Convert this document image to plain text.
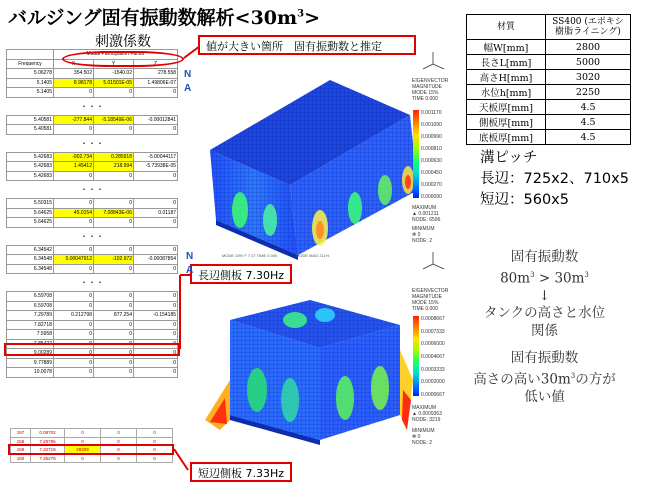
バルジング固有振動数解析$<30m^3>$
刺激係数
	Modal Participation Factor		
Frequency	X	Y	Z
5.06278	354.502	-1540.02	278.558
5.1405	8.98178	5.01501E-05	1.49806E-07
5.1405	0	0	0
・・・			
5.40581	-277.844	-5.18549E-06	-0.00012841
5.40581	0	0	0
・・・			
5.42683	-902.734	0.285918	-5.00044117
5.42683	1.45412	218.994	-5.73938E-05
5.42683	0	0	0
・・・			
5.50315	0	0	0
5.64625	45.0154	7.08843E-06	0.01187
5.64625	0	0	0
・・・			
6.34542	0	0	0
6.34548	0.00047912	-102.972	-0.00087854
6.34548	0	0	0
・・・			
6.59708	0	0	0
6.59708	0	0	0
7.29789	0.212798	877.254	-0.154185
7.82718	0	0	0
7.5958	0	0	0
7.85427	0	0	0
9.00289	0	0	0
9.77889	0	0	0
10.0078	0	0	0
157	0.08702	0	0	0
158	7.29785	0	0	0
159	7.32718	29309	0	0
160	7.35279	0	0	0
値が大きい箇所　固有振動数と推定
長辺側板 7.30Hz
短辺側板 7.33Hz
N
A
EIGENVECTOR
MAGNITUDE
MODE 15%
TIME 0.000
0.001170
0.001090
0.000990
0.000810
0.000630
0.000450
0.000270
0.000090
MAXIMUM
▲ 0.001211
NODE: 6596
MINIMUM
✻ 0
NODE: 2
MODE 15% F 7.07 TIME 0.000	MODE MAG 211%
N
A
EIGENVECTOR
MAGNITUDE
MODE 15%
TIME 0.000
0.0008667
0.0007333
0.0006000
0.0004667
0.0003333
0.0002000
0.0000667
MAXIMUM
▲ 0.0009363
NODE: 3219
MINIMUM
✻ 0
NODE: 2
材質	SS400 (エポキシ樹脂ライニング)
幅W[mm]	2800
長さL[mm]	5000
高さH[mm]	3020
水位h[mm]	2250
天板厚[mm]	4.5
側板厚[mm]	4.5
底板厚[mm]	4.5
溝ピッチ
長辺：725x2、710x5
短辺：560x5
固有振動数
$80m^3 > 30m^3$
↓
タンクの高さと水位
関係
固有振動数
高さの高い$30m^3$の方が
低い値
